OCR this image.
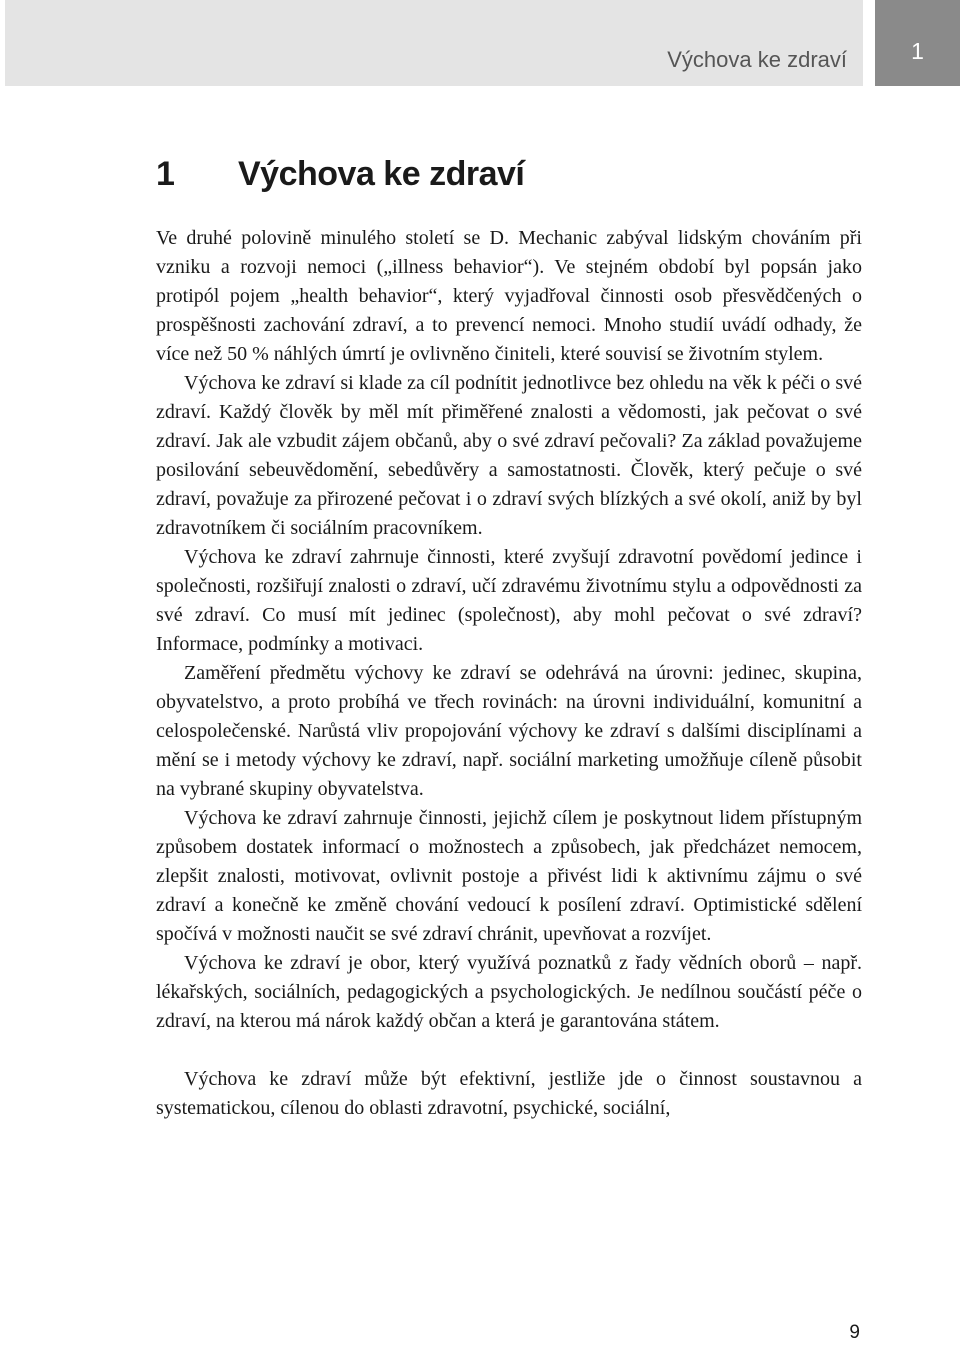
Výchova ke zdraví	1
1 Výchova ke zdraví

Ve druhé polovině minulého století se D. Mechanic zabýval lidským chováním při vzniku a rozvoji nemoci („illness behavior“). Ve stejném období byl popsán jako protipól pojem „health behavior“, který vyjadřoval činnosti osob přesvědčených o prospěšnosti zachování zdraví, a to prevencí nemoci. Mnoho studií uvádí odhady, že více než 50 % náhlých úmrtí je ovlivněno činiteli, které souvisí se životním stylem.

Výchova ke zdraví si klade za cíl podnítit jednotlivce bez ohledu na věk k péči o své zdraví. Každý člověk by měl mít přiměřené znalosti a vědomosti, jak pečovat o své zdraví. Jak ale vzbudit zájem občanů, aby o své zdraví pečovali? Za základ považujeme posilování sebeuvědomění, sebedůvěry a samostatnosti. Člověk, který pečuje o své zdraví, považuje za přirozené pečovat i o zdraví svých blízkých a své okolí, aniž by byl zdravotníkem či sociálním pracovníkem.

Výchova ke zdraví zahrnuje činnosti, které zvyšují zdravotní povědomí jedince i společnosti, rozšiřují znalosti o zdraví, učí zdravému životnímu stylu a odpovědnosti za své zdraví. Co musí mít jedinec (společnost), aby mohl pečovat o své zdraví? Informace, podmínky a motivaci.

Zaměření předmětu výchovy ke zdraví se odehrává na úrovni: jedinec, skupina, obyvatelstvo, a proto probíhá ve třech rovinách: na úrovni individuální, komunitní a celospolečenské. Narůstá vliv propojování výchovy ke zdraví s dalšími disciplínami a mění se i metody výchovy ke zdraví, např. sociální marketing umožňuje cíleně působit na vybrané skupiny obyvatelstva.

Výchova ke zdraví zahrnuje činnosti, jejichž cílem je poskytnout lidem přístupným způsobem dostatek informací o možnostech a způsobech, jak předcházet nemocem, zlepšit znalosti, motivovat, ovlivnit postoje a přivést lidi k aktivnímu zájmu o své zdraví a konečně ke změně chování vedoucí k posílení zdraví. Optimistické sdělení spočívá v možnosti naučit se své zdraví chránit, upevňovat a rozvíjet.

Výchova ke zdraví je obor, který využívá poznatků z řady vědních oborů – např. lékařských, sociálních, pedagogických a psychologických. Je nedílnou součástí péče o zdraví, na kterou má nárok každý občan a která je garantována státem.

Výchova ke zdraví může být efektivní, jestliže jde o činnost soustavnou a systematickou, cílenou do oblasti zdravotní, psychické, sociální,

9
